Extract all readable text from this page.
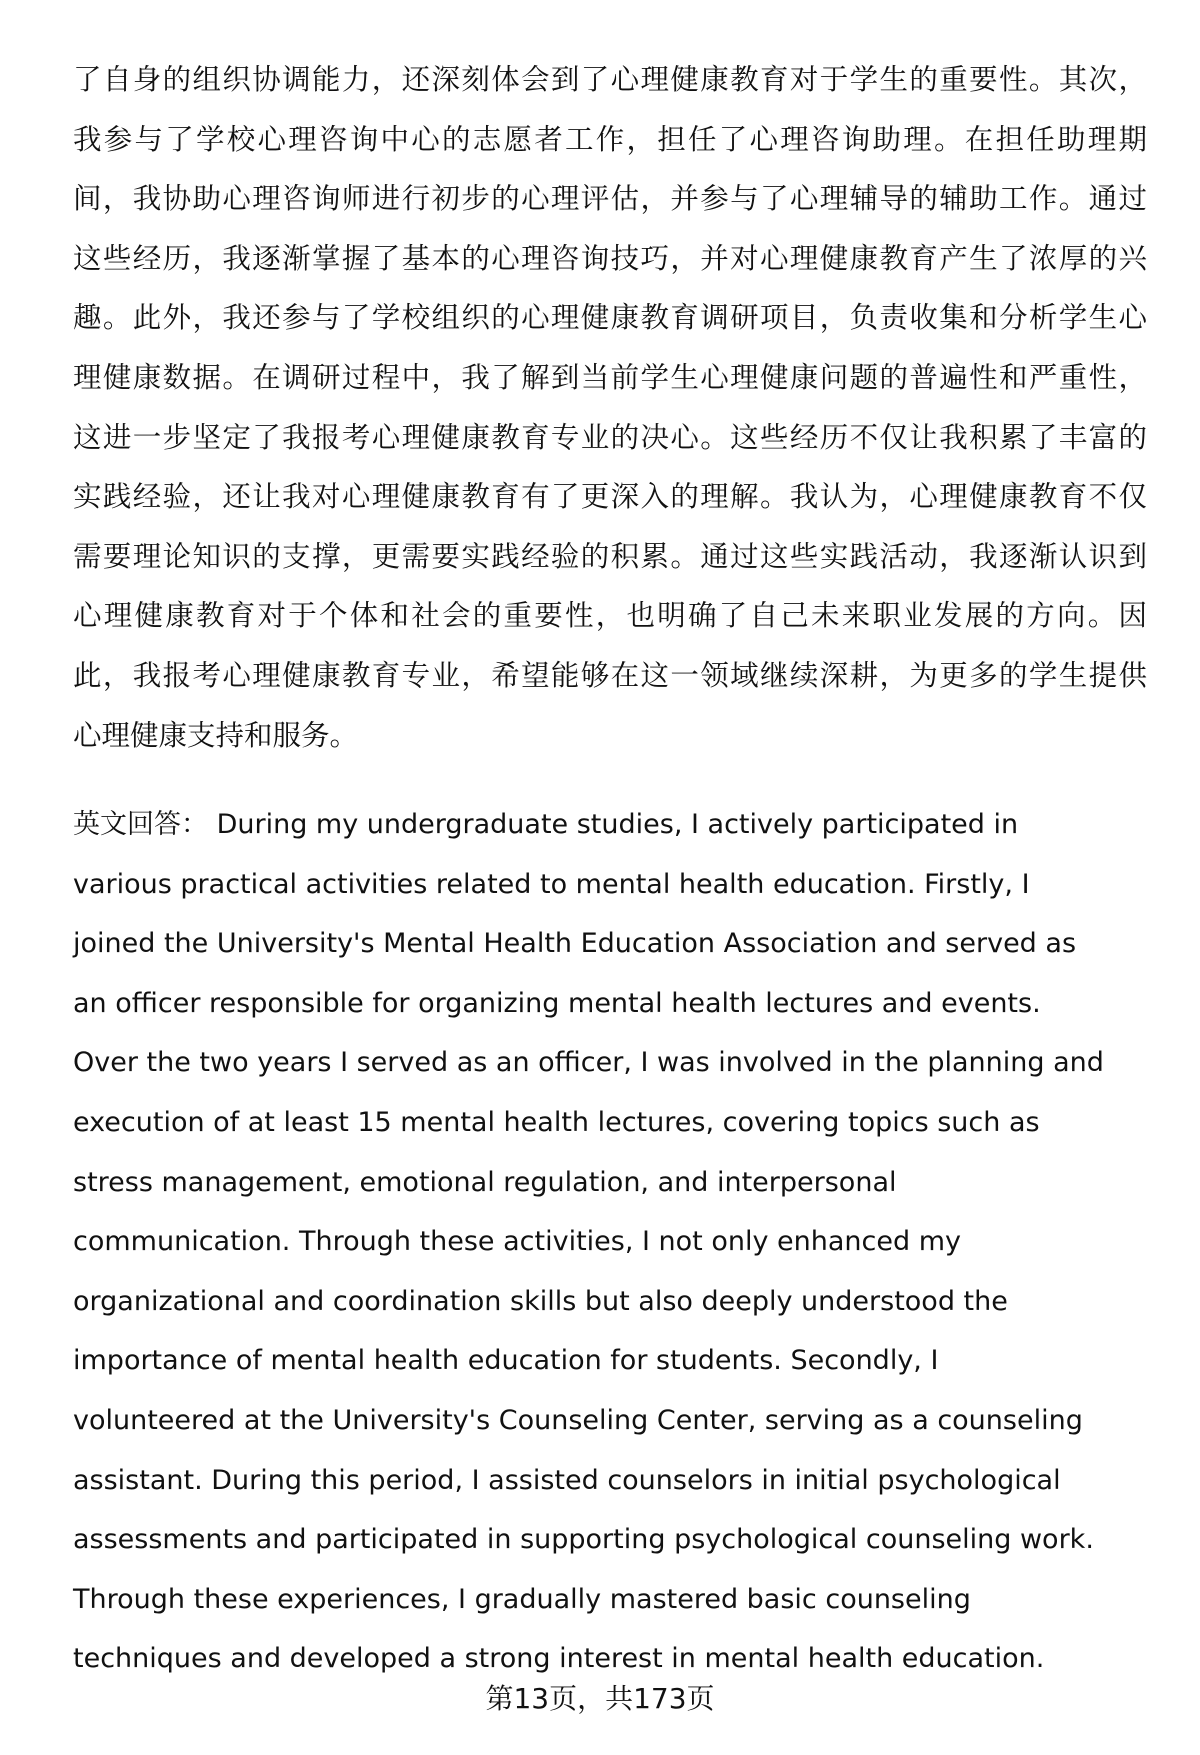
了自身的组织协调能力，还深刻体会到了心理健康教育对于学生的重要性。其次，
我参与了学校心理咨询中心的志愿者工作，担任了心理咨询助理。在担任助理期
间，我协助心理咨询师进行初步的心理评估，并参与了心理辅导的辅助工作。通过
这些经历，我逐渐掌握了基本的心理咨询技巧，并对心理健康教育产生了浓厚的兴
趣。此外，我还参与了学校组织的心理健康教育调研项目，负责收集和分析学生心
理健康数据。在调研过程中，我了解到当前学生心理健康问题的普遍性和严重性，
这进一步坚定了我报考心理健康教育专业的决心。这些经历不仅让我积累了丰富的
实践经验，还让我对心理健康教育有了更深入的理解。我认为，心理健康教育不仅
需要理论知识的支撑，更需要实践经验的积累。通过这些实践活动，我逐渐认识到
心理健康教育对于个体和社会的重要性，也明确了自己未来职业发展的方向。因
此，我报考心理健康教育专业，希望能够在这一领域继续深耕，为更多的学生提供
心理健康支持和服务。
英文回答： During my undergraduate studies, I actively participated in
various practical activities related to mental health education. Firstly, I
joined the University's Mental Health Education Association and served as
an officer responsible for organizing mental health lectures and events.
Over the two years I served as an officer, I was involved in the planning and
execution of at least 15 mental health lectures, covering topics such as
stress management, emotional regulation, and interpersonal
communication. Through these activities, I not only enhanced my
organizational and coordination skills but also deeply understood the
importance of mental health education for students. Secondly, I
volunteered at the University's Counseling Center, serving as a counseling
assistant. During this period, I assisted counselors in initial psychological
assessments and participated in supporting psychological counseling work.
Through these experiences, I gradually mastered basic counseling
techniques and developed a strong interest in mental health education.
第13页，共173页
